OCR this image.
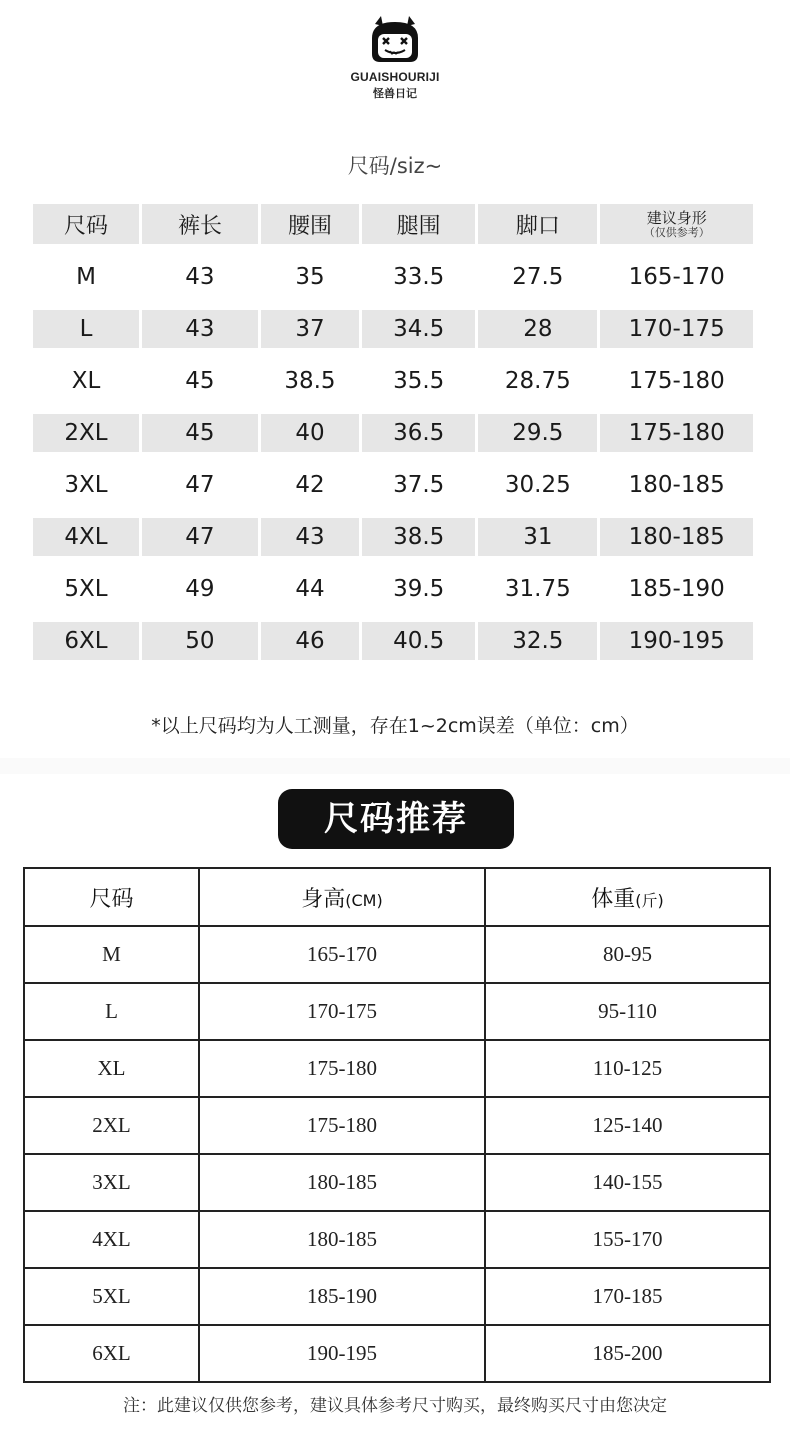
GUAISHOURIJI
怪兽日记
尺码/siz~
尺码	裤长	腰围	腿围	脚口	建议身形
（仅供参考）

M	43	35	33.5	27.5	165-170
L	43	37	34.5	28	170-175
XL	45	38.5	35.5	28.75	175-180
2XL	45	40	36.5	29.5	175-180
3XL	47	42	37.5	30.25	180-185
4XL	47	43	38.5	31	180-185
5XL	49	44	39.5	31.75	185-190
6XL	50	46	40.5	32.5	190-195
*以上尺码均为人工测量，存在1~2cm误差（单位：cm）
尺码推荐
尺码	身高(CM)	体重(斤)
M	165-170	80-95
L	170-175	95-110
XL	175-180	110-125
2XL	175-180	125-140
3XL	180-185	140-155
4XL	180-185	155-170
5XL	185-190	170-185
6XL	190-195	185-200
注：此建议仅供您参考，建议具体参考尺寸购买，最终购买尺寸由您决定
